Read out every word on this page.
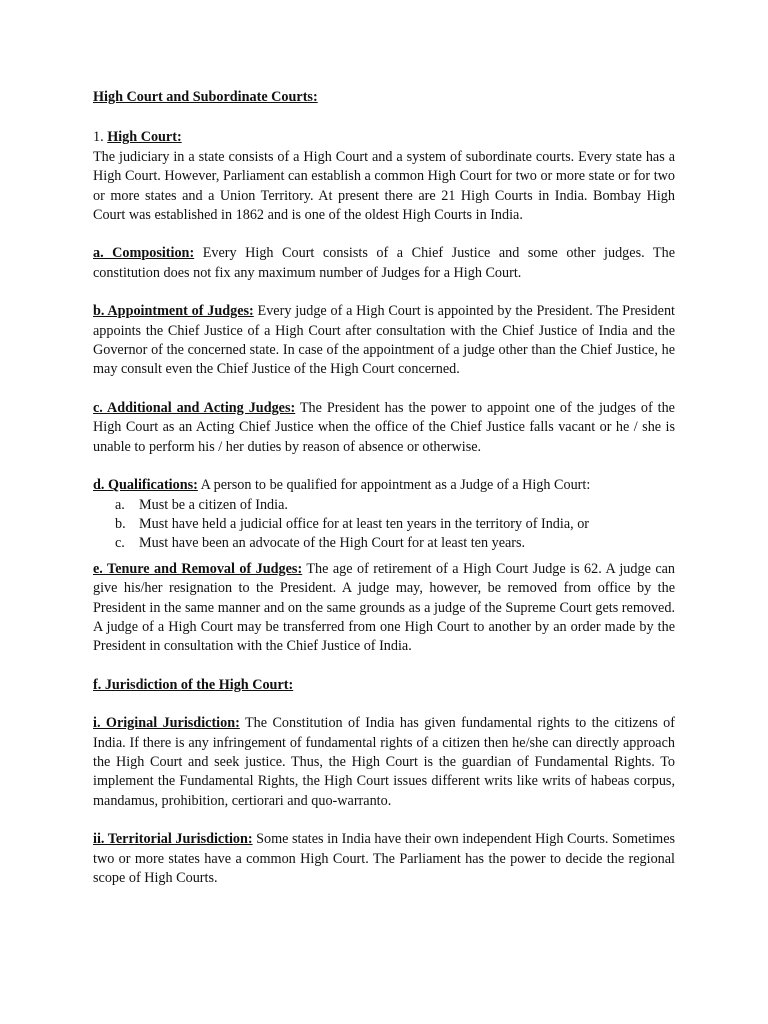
High Court and Subordinate Courts:

1. High Court:

The judiciary in a state consists of a High Court and a system of subordinate courts. Every state has a High Court. However, Parliament can establish a common High Court for two or more state or for two or more states and a Union Territory. At present there are 21 High Courts in India. Bombay High Court was established in 1862 and is one of the oldest High Courts in India.

a. Composition: Every High Court consists of a Chief Justice and some other judges. The constitution does not fix any maximum number of Judges for a High Court.

b. Appointment of Judges: Every judge of a High Court is appointed by the President. The President appoints the Chief Justice of a High Court after consultation with the Chief Justice of India and the Governor of the concerned state. In case of the appointment of a judge other than the Chief Justice, he may consult even the Chief Justice of the High Court concerned.

c. Additional and Acting Judges: The President has the power to appoint one of the judges of the High Court as an Acting Chief Justice when the office of the Chief Justice falls vacant or he / she is unable to perform his / her duties by reason of absence or otherwise.

d. Qualifications: A person to be qualified for appointment as a Judge of a High Court:

a. Must be a citizen of India.
b. Must have held a judicial office for at least ten years in the territory of India, or
c. Must have been an advocate of the High Court for at least ten years.

e. Tenure and Removal of Judges: The age of retirement of a High Court Judge is 62. A judge can give his/her resignation to the President. A judge may, however, be removed from office by the President in the same manner and on the same grounds as a judge of the Supreme Court gets removed. A judge of a High Court may be transferred from one High Court to another by an order made by the President in consultation with the Chief Justice of India.

f. Jurisdiction of the High Court:

i. Original Jurisdiction: The Constitution of India has given fundamental rights to the citizens of India. If there is any infringement of fundamental rights of a citizen then he/she can directly approach the High Court and seek justice. Thus, the High Court is the guardian of Fundamental Rights. To implement the Fundamental Rights, the High Court issues different writs like writs of habeas corpus, mandamus, prohibition, certiorari and quo-warranto.

ii. Territorial Jurisdiction: Some states in India have their own independent High Courts. Sometimes two or more states have a common High Court. The Parliament has the power to decide the regional scope of High Courts.
